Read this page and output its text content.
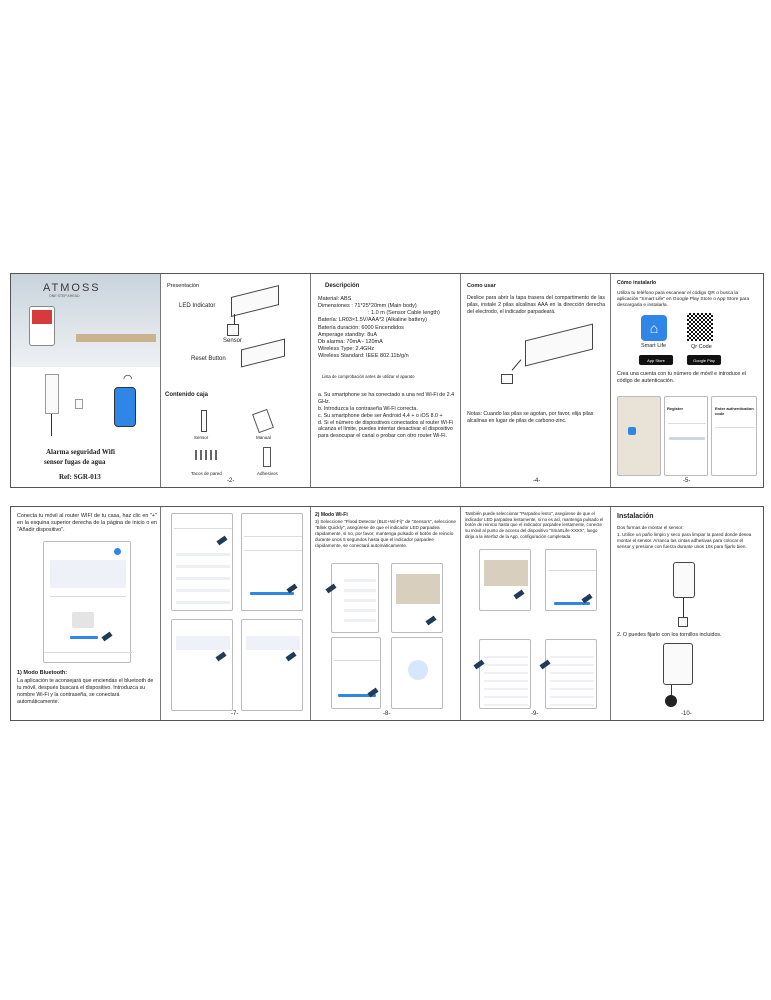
ATMOSS
ONE STEP AHEAD
◠
Alarma seguridad Wifi
sensor fugas de agua
Ref: SGR-013
Presentación
LED Indicator
Sensor
Reset Button
Contenido caja
Sensor	Manual
Tacos de pared	Adhesivos
-2-
Descripción
Material: ABS
Dimensiones : 71*25*20mm (Main body)
: 1.0 m (Sensor Cable length)
Batería: LR03×1.5V/AAA*2 (Alkaline battery)
Batería duración: 6000 Encendidos
Amperage standby: 8uA
Db alarma: 70mA - 120mA
Wireless Type: 2.4GHz
Wireless Standard: IEEE 802.11b/g/n
Lista de comprobación antes de utilizar el aparato
a. Su smartphone se ha conectado a una red Wi-Fi de 2.4 GHz.
b. Introduzca la contraseña Wi-Fi correcta.
c. Su smartphone debe ser Android 4.4 + o iOS 8.0 +
d. Si el número de dispositivos conectados al router Wi-Fi alcanza el límite, puedes intentar desactivar el dispositivo para desocupar el canal o probar con otro router Wi-Fi.
Como usar
Deslice para abrir la tapa trasera del compartimento de las pilas, instale 2 pilas alcalinas AAA en la dirección derecha del electrodo, el indicador parpadeará.
Notas: Cuando las pilas se agotan, por favor, elija pilas alcalinas en lugar de pilas de carbono-zinc.
-4-
Cómo instalarlo
Utiliza tu teléfono para escanear el código QR o busca la aplicación "Smart Life" en Google Play Store o App Store para descargarla e instalarla.
⌂
Smart Life	Qr Code
App Store	Google Play
Crea una cuenta con tu número de móvil e introduce el código de autenticación.
Register	Enter authentication code
-5-
Conecta tu móvil al router WIFI de tu casa, haz clic en "+" en la esquina superior derecha de la página de inicio o en "Añadir dispositivo".
1) Modo Bluetooth:
La aplicación te aconsejará que enciendas el bluetooth de tu móvil, después buscará el dispositivo. Introduzca su nombre Wi-Fi y la contraseña, se conectará automáticamente.
-7-
2) Modo Wi-Fi
3) Seleccione "Flood Detector (BLE+Wi-Fi)" de "Sensors", seleccione "Blink Quickly", asegúrese de que el indicador LED parpadea rápidamente, si no, por favor, mantenga pulsado el botón de reinicio durante unos 5 segundos hasta que el indicador parpadee rápidamente, se conectará automáticamente.
-8-
También puede seleccionar "Parpadeo lento", asegúrese de que el indicador LED parpadea lentamente, si no es así, mantenga pulsado el botón de reinicio hasta que el indicador parpadee lentamente, conecte su móvil al punto de acceso del dispositivo "SmartLife-XXXX", luego dirija a la interfaz de la App, configuración completada.
-9-
Instalación
Dos formas de montar el sensor:
1. Utilice un paño limpio y seco para limpiar la pared donde desea montar el sensor. Arranca las cintas adhesivas para colocar el sensor y presione con fuerza durante unos 10s para fijarlo bien.
2. O puedes fijarlo con los tornillos incluidos.
-10-
